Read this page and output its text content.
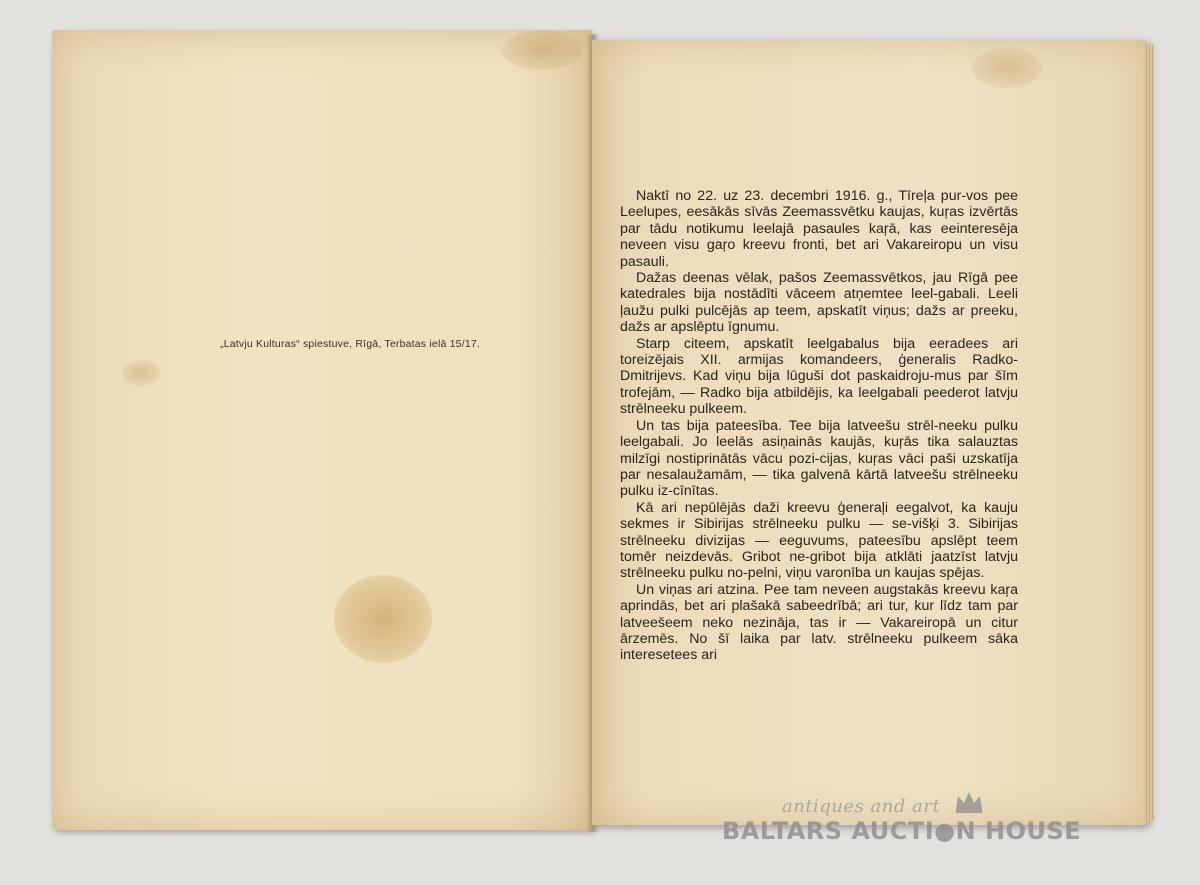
„Latvju Kulturas“ spiestuve, Rīgā, Terbatas ielā 15/17.

Naktī no 22. uz 23. decembri 1916. g., Tīreļa pur-vos pee Leelupes, eesākās sīvās Zeemassvētku kaujas, kuŗas izvērtās par tādu notikumu leelajā pasaules kaŗā, kas eeinteresēja neveen visu gaŗo kreevu fronti, bet ari Vakareiropu un visu pasauli.

Dažas deenas vēlak, pašos Zeemassvētkos, jau Rīgā pee katedrales bija nostādīti vāceem atņemtee leel-gabali. Leeli ļaužu pulki pulcējās ap teem, apskatīt viņus; dažs ar preeku, dažs ar apslēptu īgnumu.

Starp citeem, apskatīt leelgabalus bija eeradees ari toreizējais XII. armijas komandeers, ģeneralis Radko-Dmitrijevs. Kad viņu bija lūguši dot paskaidroju-mus par šīm trofejām, — Radko bija atbildējis, ka leelgabali peederot latvju strēlneeku pulkeem.

Un tas bija pateesība. Tee bija latveešu strēl-neeku pulku leelgabali. Jo leelās asiņainās kaujās, kuŗās tika salauztas milzīgi nostiprinātās vācu pozi-cijas, kuŗas vāci paši uzskatīja par nesalaužamām, — tika galvenā kārtā latveešu strēlneeku pulku iz-cīnītas.

Kā ari nepūlējās daži kreevu ģeneraļi eegalvot, ka kauju sekmes ir Sibirijas strēlneeku pulku — se-višķi 3. Sibirijas strēlneeku divizijas — eeguvums, pateesību apslēpt teem tomēr neizdevās. Gribot ne-gribot bija atklāti jaatzīst latvju strēlneeku pulku no-pelni, viņu varonība un kaujas spējas.

Un viņas ari atzina. Pee tam neveen augstakās kreevu kaŗa aprindās, bet ari plašakā sabeedrībā; ari tur, kur līdz tam par latveešeem neko nezināja, tas ir — Vakareiropā un citur ārzemēs. No šī laika par latv. strēlneeku pulkeem sāka interesetees ari

antiques and art
BALTARS AUCTI●N HOUSE
